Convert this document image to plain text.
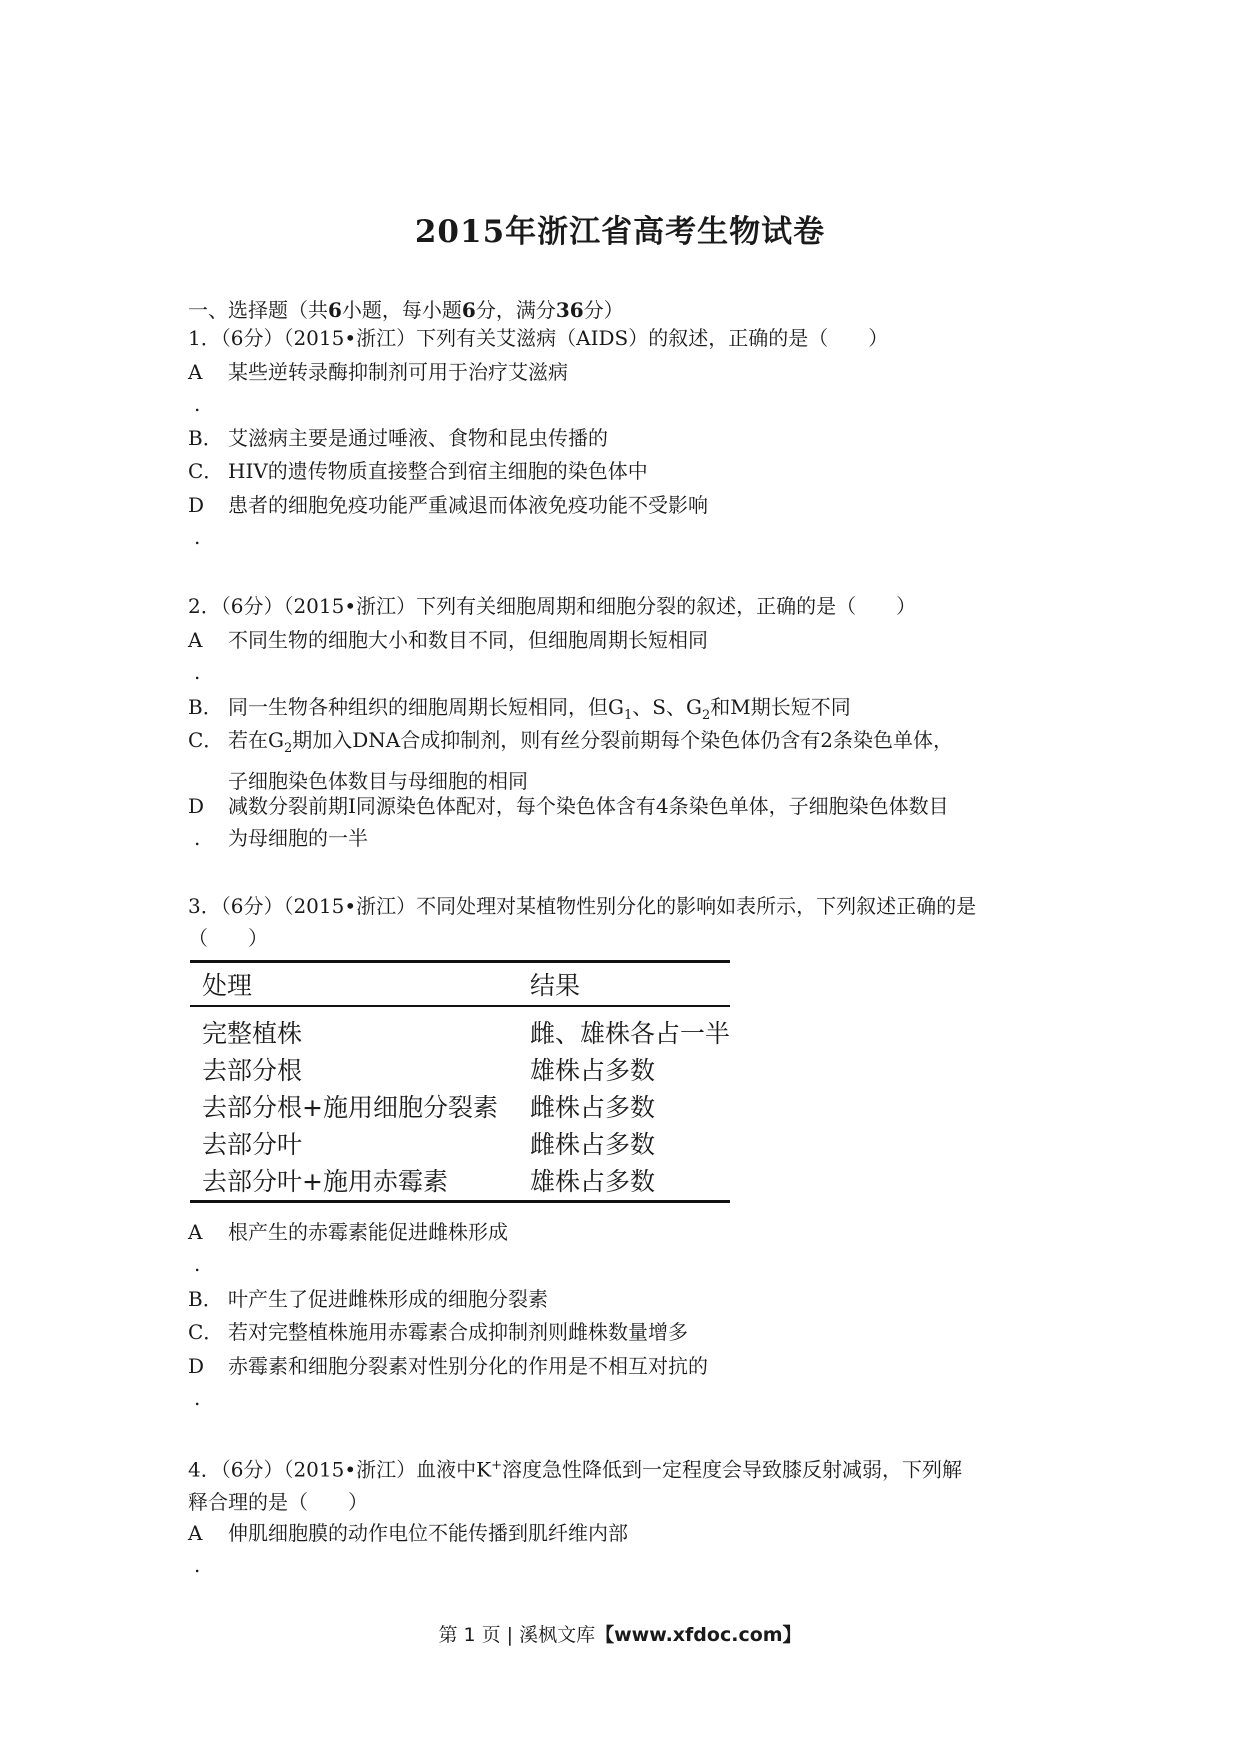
2015年浙江省高考生物试卷
一、选择题（共6小题，每小题6分，满分36分）
1．（6分）（2015•浙江）下列有关艾滋病（AIDS）的叙述，正确的是（　　）
A
.
某些逆转录酶抑制剂可用于治疗艾滋病
B． 艾滋病主要是通过唾液、食物和昆虫传播的
C． HIV的遗传物质直接整合到宿主细胞的染色体中
D
.
患者的细胞免疫功能严重减退而体液免疫功能不受影响
2．（6分）（2015•浙江）下列有关细胞周期和细胞分裂的叙述，正确的是（　　）
A
.
不同生物的细胞大小和数目不同，但细胞周期长短相同
B． 同一生物各种组织的细胞周期长短相同，但$G_1$、S、$G_2$和M期长短不同
C． 若在$G_2$期加入DNA合成抑制剂，则有丝分裂前期每个染色体仍含有2条染色单体，
子细胞染色体数目与母细胞的相同
D
.
减数分裂前期Ⅰ同源染色体配对，每个染色体含有4条染色单体，子细胞染色体数目
为母细胞的一半
3．（6分）（2015•浙江）不同处理对某植物性别分化的影响如表所示，下列叙述正确的是
（　　）
处理	结果
完整植株	雌、雄株各占一半
去部分根	雄株占多数
去部分根+施用细胞分裂素	雌株占多数
去部分叶	雌株占多数
去部分叶+施用赤霉素	雄株占多数
A
.
根产生的赤霉素能促进雌株形成
B． 叶产生了促进雌株形成的细胞分裂素
C． 若对完整植株施用赤霉素合成抑制剂则雌株数量增多
D
.
赤霉素和细胞分裂素对性别分化的作用是不相互对抗的
4．（6分）（2015•浙江）血液中K+溶度急性降低到一定程度会导致膝反射减弱，下列解
释合理的是（　　）
A
.
伸肌细胞膜的动作电位不能传播到肌纤维内部
第 1 页 | 溪枫文库【www.xfdoc.com】
